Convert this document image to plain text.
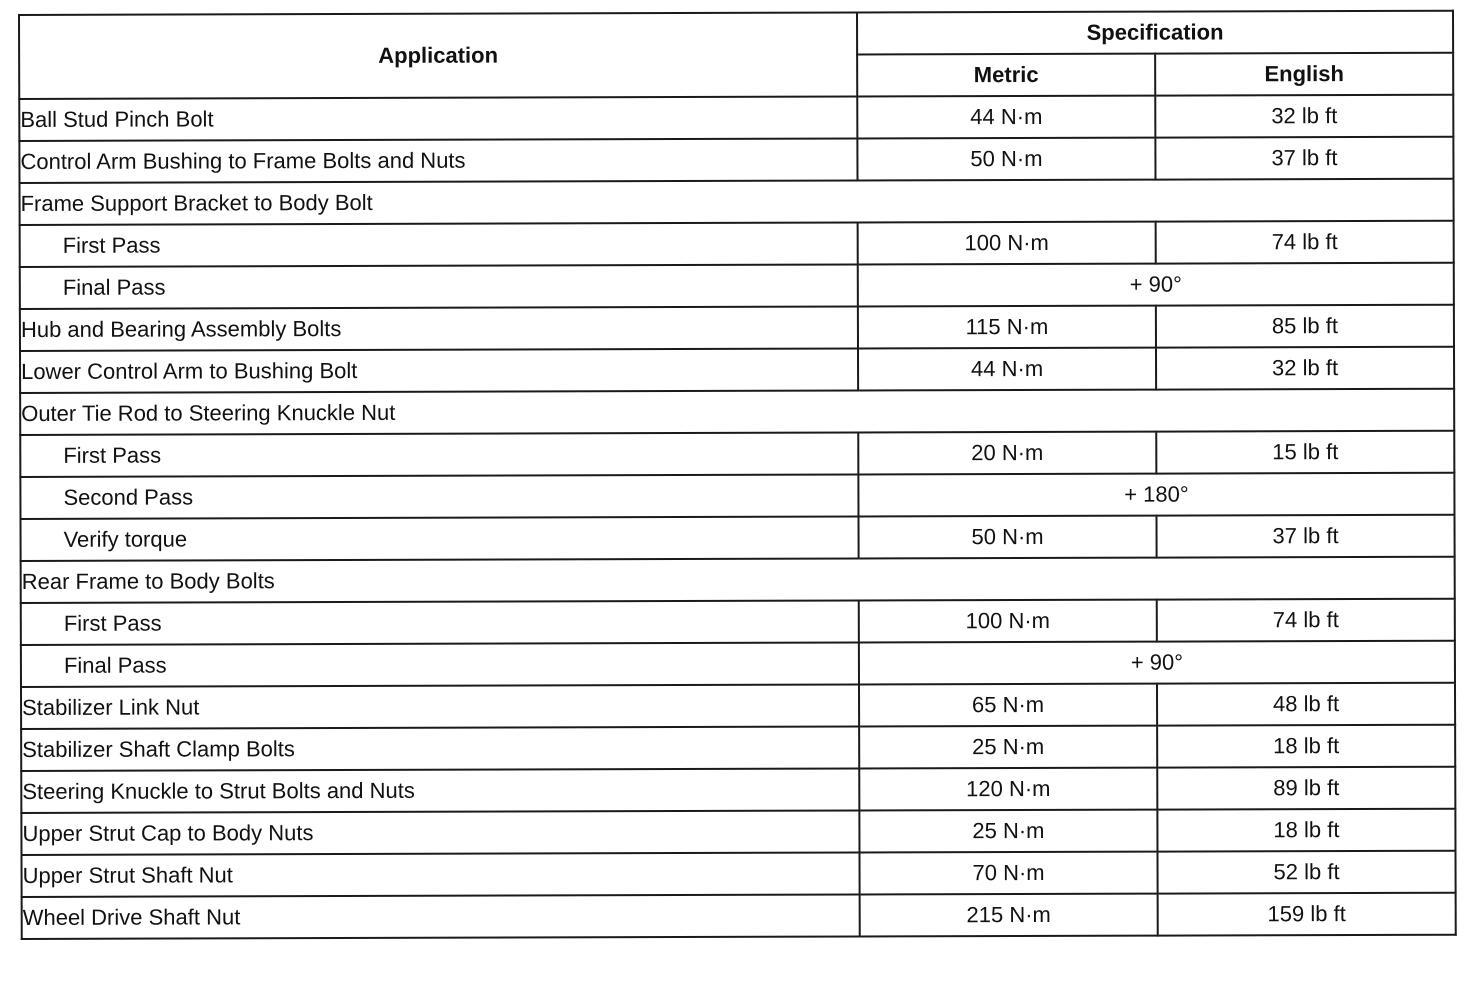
Application	Specification	
	Metric	English
Ball Stud Pinch Bolt	44 N·m	32 lb ft
Control Arm Bushing to Frame Bolts and Nuts	50 N·m	37 lb ft
Frame Support Bracket to Body Bolt		
First Pass	100 N·m	74 lb ft
Final Pass	+ 90°	
Hub and Bearing Assembly Bolts	115 N·m	85 lb ft
Lower Control Arm to Bushing Bolt	44 N·m	32 lb ft
Outer Tie Rod to Steering Knuckle Nut		
First Pass	20 N·m	15 lb ft
Second Pass	+ 180°	
Verify torque	50 N·m	37 lb ft
Rear Frame to Body Bolts		
First Pass	100 N·m	74 lb ft
Final Pass	+ 90°	
Stabilizer Link Nut	65 N·m	48 lb ft
Stabilizer Shaft Clamp Bolts	25 N·m	18 lb ft
Steering Knuckle to Strut Bolts and Nuts	120 N·m	89 lb ft
Upper Strut Cap to Body Nuts	25 N·m	18 lb ft
Upper Strut Shaft Nut	70 N·m	52 lb ft
Wheel Drive Shaft Nut	215 N·m	159 lb ft
